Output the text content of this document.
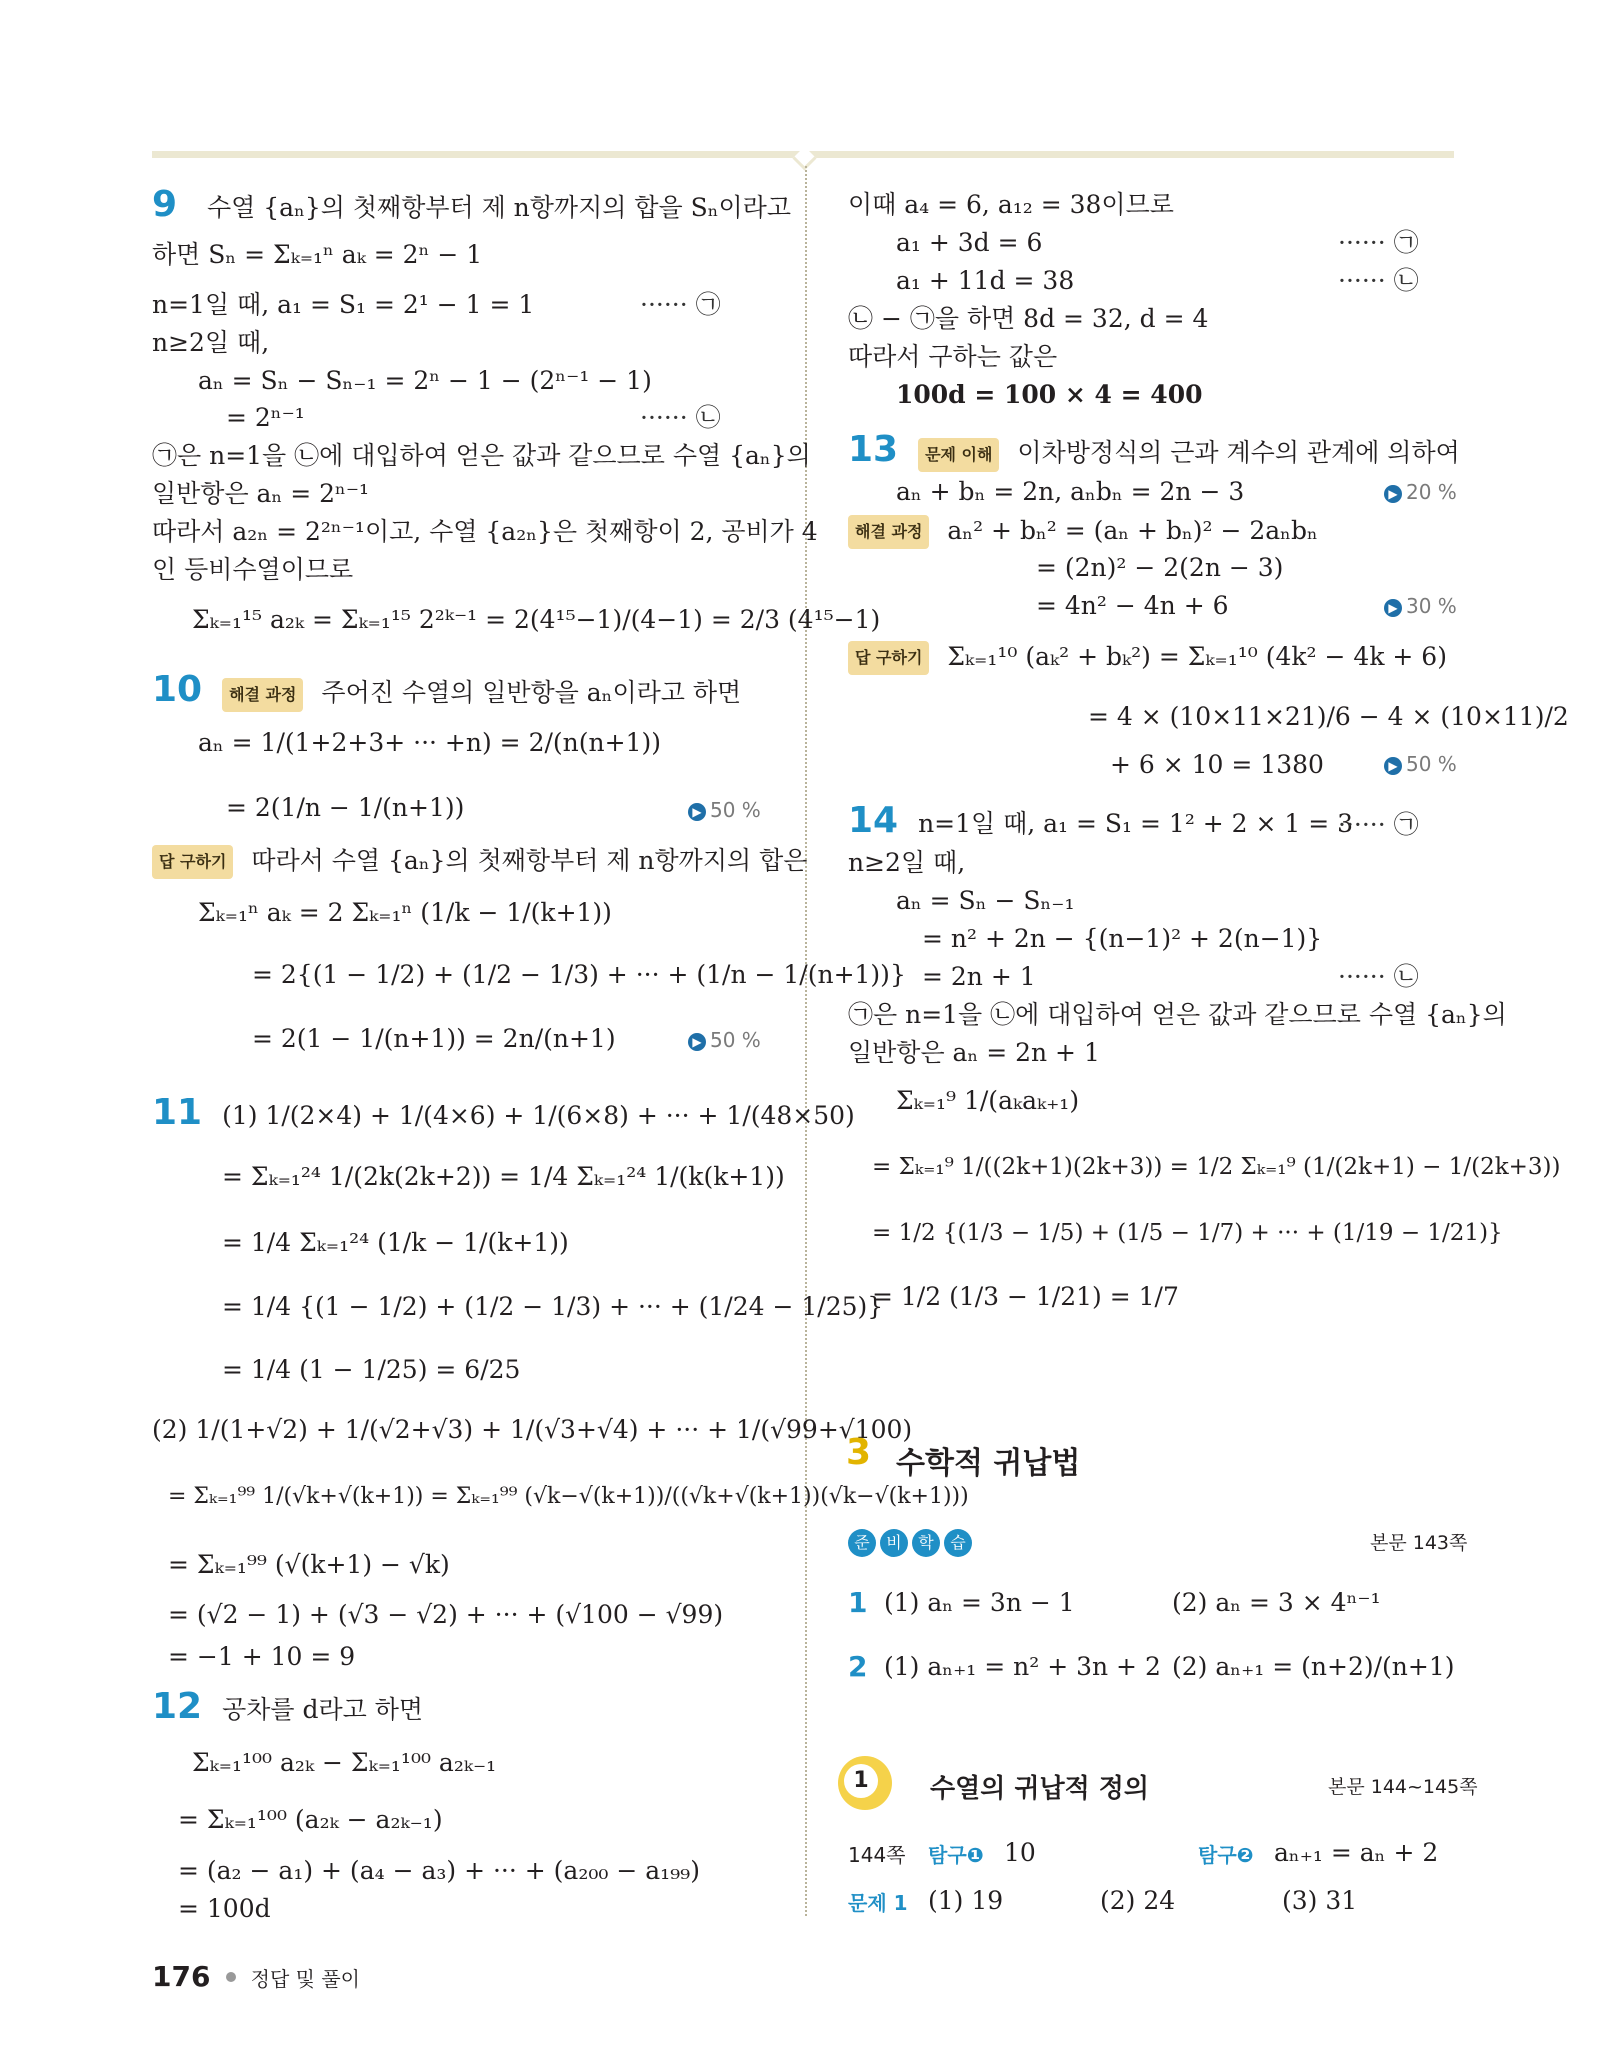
9 수열 {aₙ}의 첫째항부터 제 n항까지의 합을 Sₙ이라고
하면 Sₙ = Σₖ₌₁ⁿ aₖ = 2ⁿ − 1
n=1일 때, a₁ = S₁ = 2¹ − 1 = 1	······ ㉠
n≥2일 때,
aₙ = Sₙ − Sₙ₋₁ = 2ⁿ − 1 − (2ⁿ⁻¹ − 1)
= 2ⁿ⁻¹	······ ㉡
㉠은 n=1을 ㉡에 대입하여 얻은 값과 같으므로 수열 {aₙ}의
일반항은 aₙ = 2ⁿ⁻¹
따라서 a₂ₙ = 2²ⁿ⁻¹이고, 수열 {a₂ₙ}은 첫째항이 2, 공비가 4
인 등비수열이므로
Σₖ₌₁¹⁵ a₂ₖ = Σₖ₌₁¹⁵ 2²ᵏ⁻¹ = 2(4¹⁵−1)/(4−1) = 2/3 (4¹⁵−1)
10 해결 과정 주어진 수열의 일반항을 aₙ이라고 하면
aₙ = 1/(1+2+3+ ··· +n) = 2/(n(n+1))
= 2(1/n − 1/(n+1))	▶ 50 %
답 구하기 따라서 수열 {aₙ}의 첫째항부터 제 n항까지의 합은
Σₖ₌₁ⁿ aₖ = 2 Σₖ₌₁ⁿ (1/k − 1/(k+1))
= 2{(1 − 1/2) + (1/2 − 1/3) + ··· + (1/n − 1/(n+1))}
= 2(1 − 1/(n+1)) = 2n/(n+1)	▶ 50 %
11 (1) 1/(2×4) + 1/(4×6) + 1/(6×8) + ··· + 1/(48×50)
= Σₖ₌₁²⁴ 1/(2k(2k+2)) = 1/4 Σₖ₌₁²⁴ 1/(k(k+1))
= 1/4 Σₖ₌₁²⁴ (1/k − 1/(k+1))
= 1/4 {(1 − 1/2) + (1/2 − 1/3) + ··· + (1/24 − 1/25)}
= 1/4 (1 − 1/25) = 6/25
(2) 1/(1+√2) + 1/(√2+√3) + 1/(√3+√4) + ··· + 1/(√99+√100)
= Σₖ₌₁⁹⁹ 1/(√k+√(k+1)) = Σₖ₌₁⁹⁹ (√k−√(k+1))/((√k+√(k+1))(√k−√(k+1)))
= Σₖ₌₁⁹⁹ (√(k+1) − √k)
= (√2 − 1) + (√3 − √2) + ··· + (√100 − √99)
= −1 + 10 = 9
12 공차를 d라고 하면
Σₖ₌₁¹⁰⁰ a₂ₖ − Σₖ₌₁¹⁰⁰ a₂ₖ₋₁
= Σₖ₌₁¹⁰⁰ (a₂ₖ − a₂ₖ₋₁)
= (a₂ − a₁) + (a₄ − a₃) + ··· + (a₂₀₀ − a₁₉₉)
= 100d
이때 a₄ = 6, a₁₂ = 38이므로
a₁ + 3d = 6	······ ㉠
a₁ + 11d = 38	······ ㉡
㉡ − ㉠을 하면 8d = 32, d = 4
따라서 구하는 값은
100d = 100 × 4 = 400
13 문제 이해 이차방정식의 근과 계수의 관계에 의하여
aₙ + bₙ = 2n, aₙbₙ = 2n − 3	▶ 20 %
해결 과정 aₙ² + bₙ² = (aₙ + bₙ)² − 2aₙbₙ
= (2n)² − 2(2n − 3)
= 4n² − 4n + 6	▶ 30 %
답 구하기 Σₖ₌₁¹⁰ (aₖ² + bₖ²) = Σₖ₌₁¹⁰ (4k² − 4k + 6)
= 4 × (10×11×21)/6 − 4 × (10×11)/2
+ 6 × 10 = 1380	▶ 50 %
14 n=1일 때, a₁ = S₁ = 1² + 2 × 1 = 3
······ ㉠
n≥2일 때,
aₙ = Sₙ − Sₙ₋₁
= n² + 2n − {(n−1)² + 2(n−1)}
= 2n + 1	······ ㉡
㉠은 n=1을 ㉡에 대입하여 얻은 값과 같으므로 수열 {aₙ}의
일반항은 aₙ = 2n + 1
Σₖ₌₁⁹ 1/(aₖaₖ₊₁)
= Σₖ₌₁⁹ 1/((2k+1)(2k+3)) = 1/2 Σₖ₌₁⁹ (1/(2k+1) − 1/(2k+3))
= 1/2 {(1/3 − 1/5) + (1/5 − 1/7) + ··· + (1/19 − 1/21)}
= 1/2 (1/3 − 1/21) = 1/7
3 수학적 귀납법
준 비 학 습	본문 143쪽
1 (1) aₙ = 3n − 1	(2) aₙ = 3 × 4ⁿ⁻¹
2 (1) aₙ₊₁ = n² + 3n + 2 (2) aₙ₊₁ = (n+2)/(n+1)
1	수열의 귀납적 정의	본문 144~145쪽
144쪽 탐구❶ 10	탐구❷ aₙ₊₁ = aₙ + 2
문제 1 (1) 19	(2) 24	(3) 31
176 정답 및 풀이
